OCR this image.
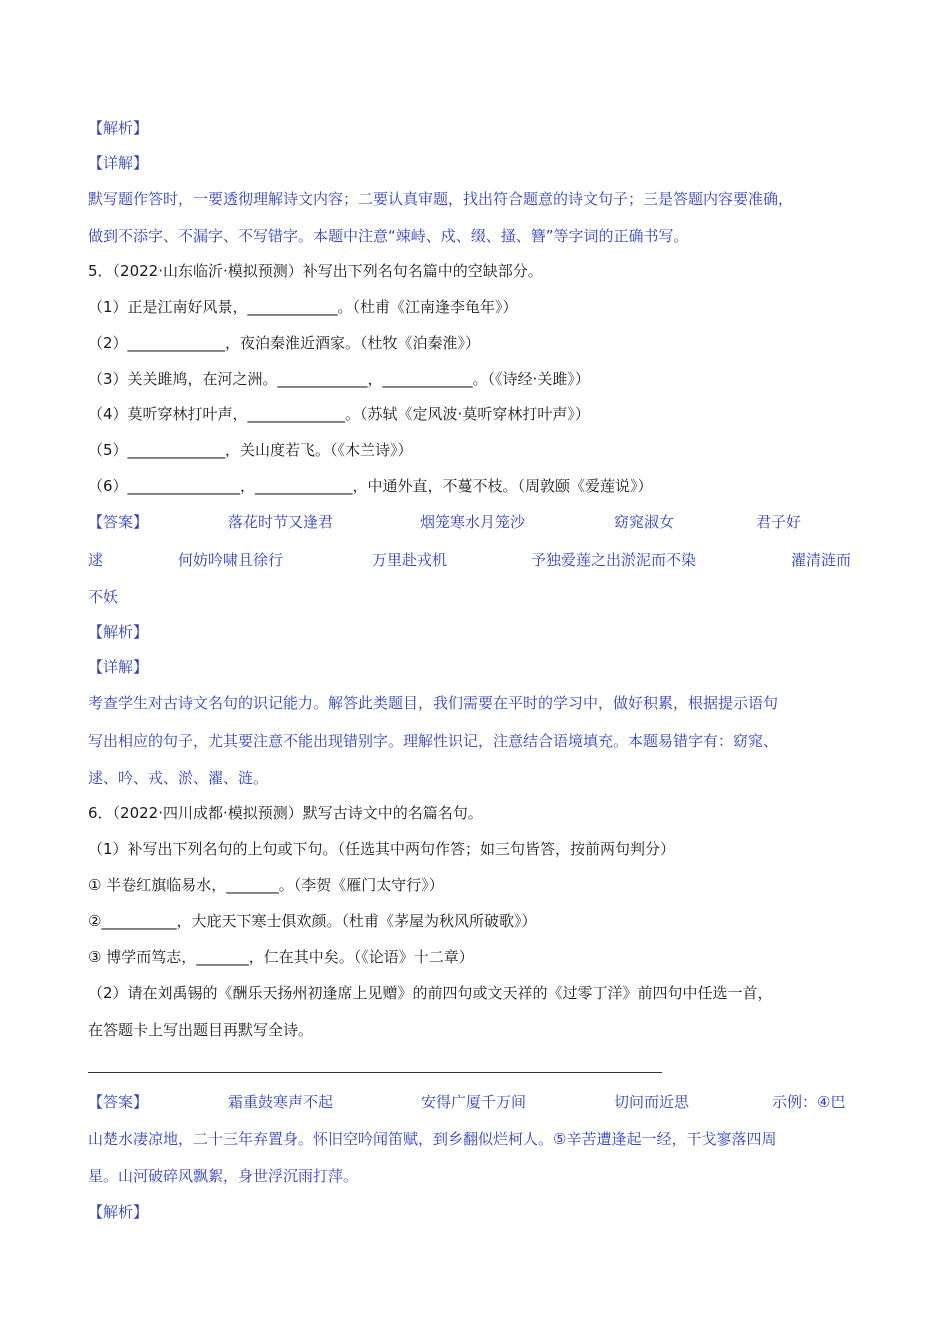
【解析】
【详解】
默写题作答时，一要透彻理解诗文内容；二要认真审题，找出符合题意的诗文句子；三是答题内容要准确，
做到不添字、不漏字、不写错字。本题中注意“竦峙、戍、缀、搔、簪”等字词的正确书写。
5．（2022·山东临沂·模拟预测）补写出下列名句名篇中的空缺部分。
（1）正是江南好风景，____________。（杜甫《江南逢李龟年》）
（2）_____________，夜泊秦淮近酒家。（杜牧《泊秦淮》）
（3）关关雎鸠，在河之洲。____________，____________。（《诗经·关雎》）
（4）莫听穿林打叶声，_____________。（苏轼《定风波·莫听穿林打叶声》）
（5）_____________，关山度若飞。（《木兰诗》）
（6）_______________，_____________，中通外直，不蔓不枝。（周敦颐《爱莲说》）
【答案】	落花时节又逢君	烟笼寒水月笼沙	窈窕淑女	君子好
逑	何妨吟啸且徐行	万里赴戎机	予独爱莲之出淤泥而不染	濯清涟而
不妖
【解析】
【详解】
考查学生对古诗文名句的识记能力。解答此类题目，我们需要在平时的学习中，做好积累，根据提示语句
写出相应的句子，尤其要注意不能出现错别字。理解性识记，注意结合语境填充。本题易错字有：窈窕、
逑、吟、戎、淤、濯、涟。
6．（2022·四川成都·模拟预测）默写古诗文中的名篇名句。
（1）补写出下列名句的上句或下句。（任选其中两句作答；如三句皆答，按前两句判分）
① 半卷红旗临易水，_______。（李贺《雁门太守行》）
②__________，大庇天下寒士俱欢颜。（杜甫《茅屋为秋风所破歌》）
③ 博学而笃志，_______，仁在其中矣。（《论语》十二章）
（2）请在刘禹锡的《酬乐天扬州初逢席上见赠》的前四句或文天祥的《过零丁洋》前四句中任选一首，
在答题卡上写出题目再默写全诗。
【答案】	霜重鼓寒声不起	安得广厦千万间	切问而近思	示例：④巴
山楚水凄凉地，二十三年弃置身。怀旧空吟闻笛赋，到乡翻似烂柯人。⑤辛苦遭逢起一经，干戈寥落四周
星。山河破碎风飘絮，身世浮沉雨打萍。
【解析】
